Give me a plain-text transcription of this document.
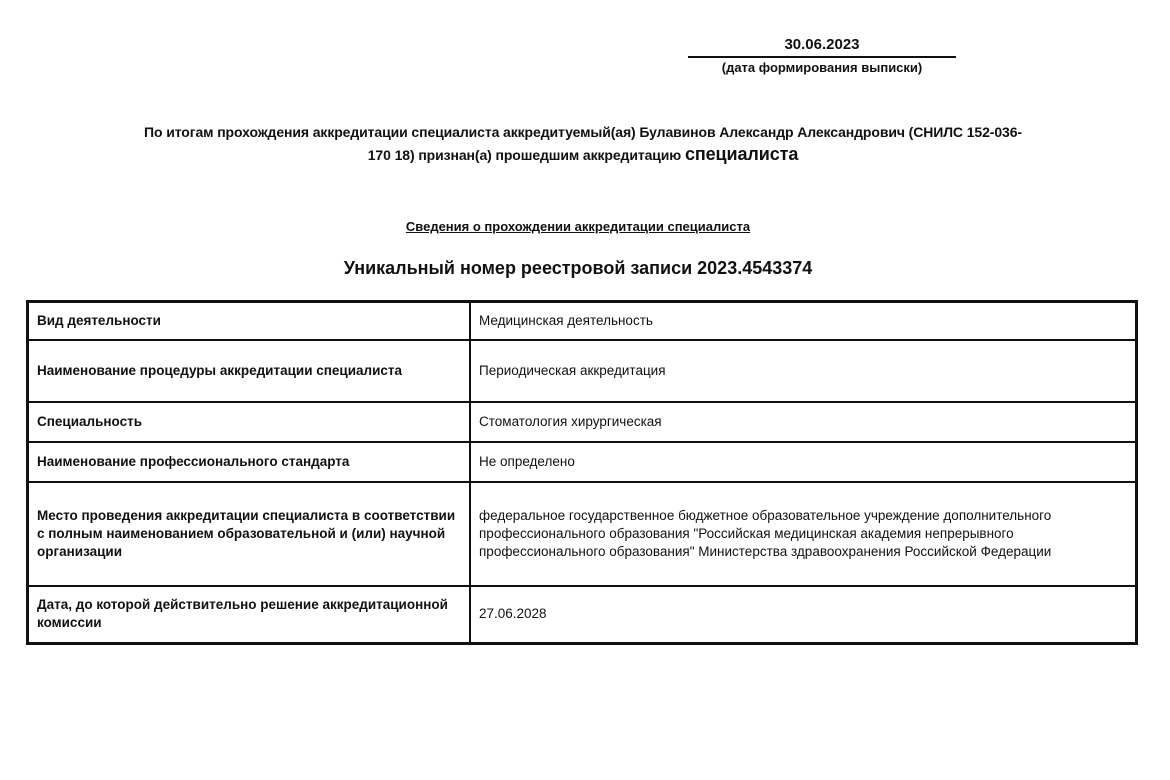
30.06.2023
(дата формирования выписки)
По итогам прохождения аккредитации специалиста аккредитуемый(ая) Булавинов Александр Александрович (СНИЛС 152-036-
170 18) признан(а) прошедшим аккредитацию специалиста
Сведения о прохождении аккредитации специалиста
Уникальный номер реестровой записи 2023.4543374
Вид деятельности	Медицинская деятельность
Наименование процедуры аккредитации специалиста	Периодическая аккредитация
Специальность	Стоматология хирургическая
Наименование профессионального стандарта	Не определено
Место проведения аккредитации специалиста в соответствии с полным наименованием образовательной и (или) научной организации	федеральное государственное бюджетное образовательное учреждение дополнительного профессионального образования "Российская медицинская академия непрерывного профессионального образования" Министерства здравоохранения Российской Федерации
Дата, до которой действительно решение аккредитационной комиссии	27.06.2028
